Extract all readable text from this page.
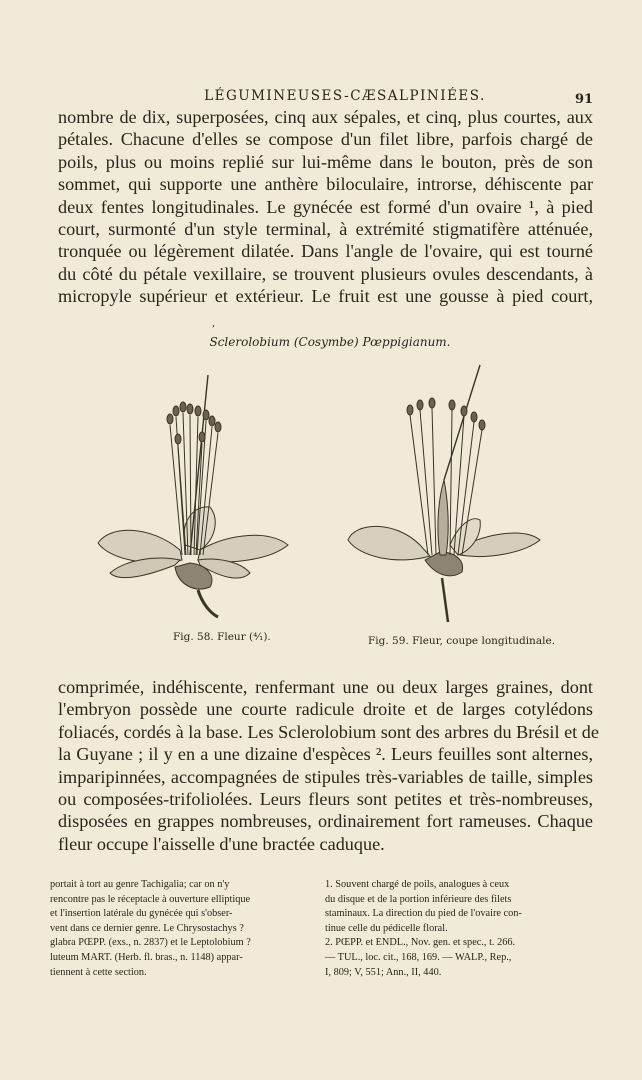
LÉGUMINEUSES-CÆSALPINIÉES.	91
nombre de dix, superposées, cinq aux sépales, et cinq, plus courtes, aux
pétales. Chacune d'elles se compose d'un filet libre, parfois chargé de
poils, plus ou moins replié sur lui-même dans le bouton, près de son
sommet, qui supporte une anthère biloculaire, introrse, déhiscente par
deux fentes longitudinales. Le gynécée est formé d'un ovaire ¹, à pied
court, surmonté d'un style terminal, à extrémité stigmatifère atténuée,
tronquée ou légèrement dilatée. Dans l'angle de l'ovaire, qui est tourné
du côté du pétale vexillaire, se trouvent plusieurs ovules descendants, à
micropyle supérieur et extérieur. Le fruit est une gousse à pied court,
,
Sclerolobium (Cosymbe) Pœppigianum.
Fig. 58. Fleur (⁴⁄₁).	Fig. 59. Fleur, coupe longitudinale.
comprimée, indéhiscente, renfermant une ou deux larges graines, dont
l'embryon possède une courte radicule droite et de larges cotylédons
foliacés, cordés à la base. Les Sclerolobium sont des arbres du Brésil et de
la Guyane ; il y en a une dizaine d'espèces ². Leurs feuilles sont alternes,
imparipinnées, accompagnées de stipules très-variables de taille, simples
ou composées-trifoliolées. Leurs fleurs sont petites et très-nombreuses,
disposées en grappes nombreuses, ordinairement fort rameuses. Chaque
fleur occupe l'aisselle d'une bractée caduque.
portait à tort au genre Tachigalia; car on n'y
rencontre pas le réceptacle à ouverture elliptique
et l'insertion latérale du gynécée qui s'obser-
vent dans ce dernier genre. Le Chrysostachys ?
glabra PŒPP. (exs., n. 2837) et le Leptolobium ?
luteum MART. (Herb. fl. bras., n. 1148) appar-
tiennent à cette section.
1. Souvent chargé de poils, analogues à ceux
du disque et de la portion inférieure des filets
staminaux. La direction du pied de l'ovaire con-
tinue celle du pédicelle floral.
2. PŒPP. et ENDL., Nov. gen. et spec., t. 266.
— TUL., loc. cit., 168, 169. — WALP., Rep.,
I, 809; V, 551; Ann., II, 440.
